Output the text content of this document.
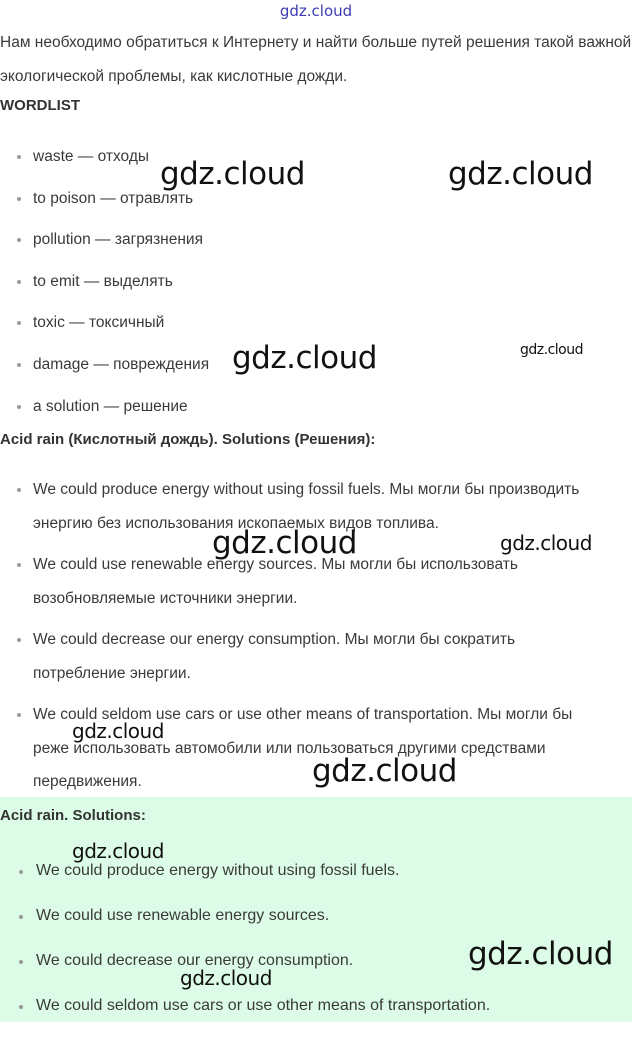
gdz.cloud
Нам необходимо обратиться к Интернету и найти больше путей решения такой важной экологической проблемы, как кислотные дожди.
WORDLIST
waste — отходы
to poison — отравлять
pollution — загрязнения
to emit — выделять
toxic — токсичный
damage — повреждения
a solution — решение
Acid rain (Кислотный дождь). Solutions (Решения):
We could produce energy without using fossil fuels. Мы могли бы производить энергию без использования ископаемых видов топлива.
We could use renewable energy sources. Мы могли бы использовать возобновляемые источники энергии.
We could decrease our energy consumption. Мы могли бы сократить потребление энергии.
We could seldom use cars or use other means of transportation. Мы могли бы реже использовать автомобили или пользоваться другими средствами передвижения.
Acid rain. Solutions:
We could produce energy without using fossil fuels.
We could use renewable energy sources.
We could decrease our energy consumption.
We could seldom use cars or use other means of transportation.
gdz.cloud	gdz.cloud
gdz.cloud	gdz.cloud
gdz.cloud	gdz.cloud
gdz.cloud
gdz.cloud
gdz.cloud
gdz.cloud
gdz.cloud
